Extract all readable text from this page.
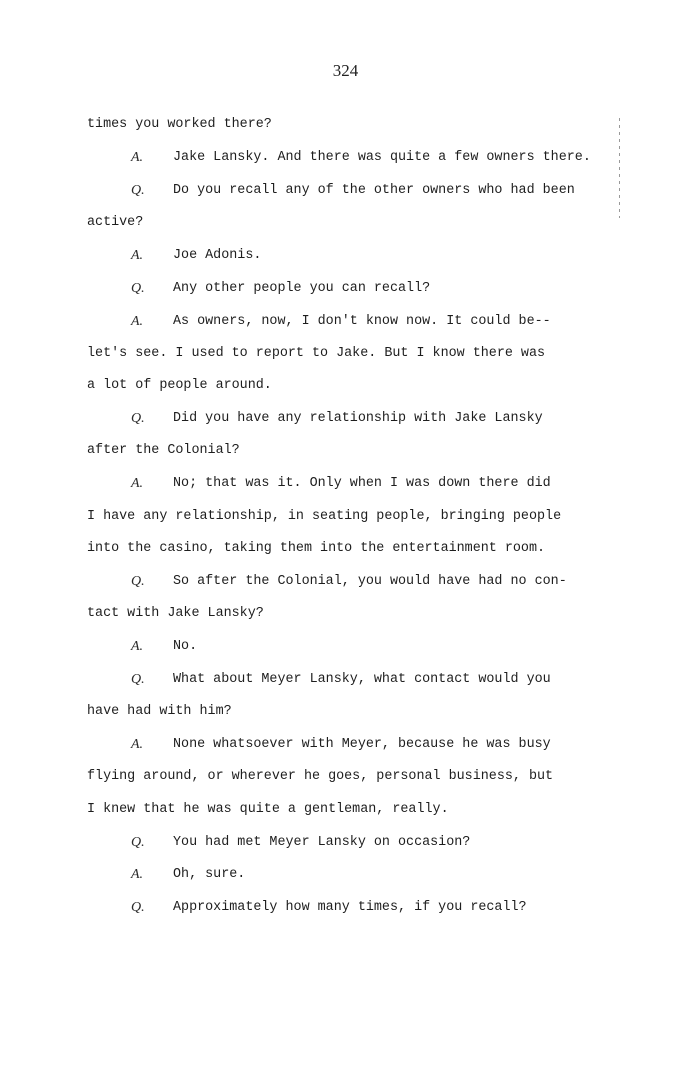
324
times you worked there?
A. Jake Lansky. And there was quite a few owners there.
Q. Do you recall any of the other owners who had been
active?
A. Joe Adonis.
Q. Any other people you can recall?
A. As owners, now, I don't know now. It could be--
let's see. I used to report to Jake. But I know there was
a lot of people around.
Q. Did you have any relationship with Jake Lansky
after the Colonial?
A. No; that was it. Only when I was down there did
I have any relationship, in seating people, bringing people
into the casino, taking them into the entertainment room.
Q. So after the Colonial, you would have had no con-
tact with Jake Lansky?
A. No.
Q. What about Meyer Lansky, what contact would you
have had with him?
A. None whatsoever with Meyer, because he was busy
flying around, or wherever he goes, personal business, but
I knew that he was quite a gentleman, really.
Q. You had met Meyer Lansky on occasion?
A. Oh, sure.
Q. Approximately how many times, if you recall?
